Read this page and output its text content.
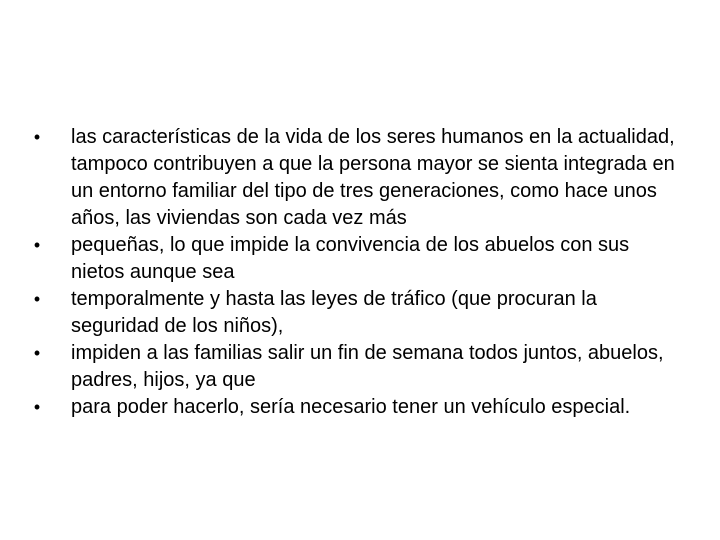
• las características de la vida de los seres humanos en la actualidad, tampoco contribuyen a que la persona mayor se sienta integrada en un entorno familiar del tipo de tres generaciones, como hace unos años, las viviendas son cada vez más
• pequeñas, lo que impide la convivencia de los abuelos con sus nietos aunque sea
• temporalmente y hasta las leyes de tráfico (que procuran la seguridad de los niños),
• impiden a las familias salir un fin de semana todos juntos, abuelos, padres, hijos, ya que
• para poder hacerlo, sería necesario tener un vehículo especial.
